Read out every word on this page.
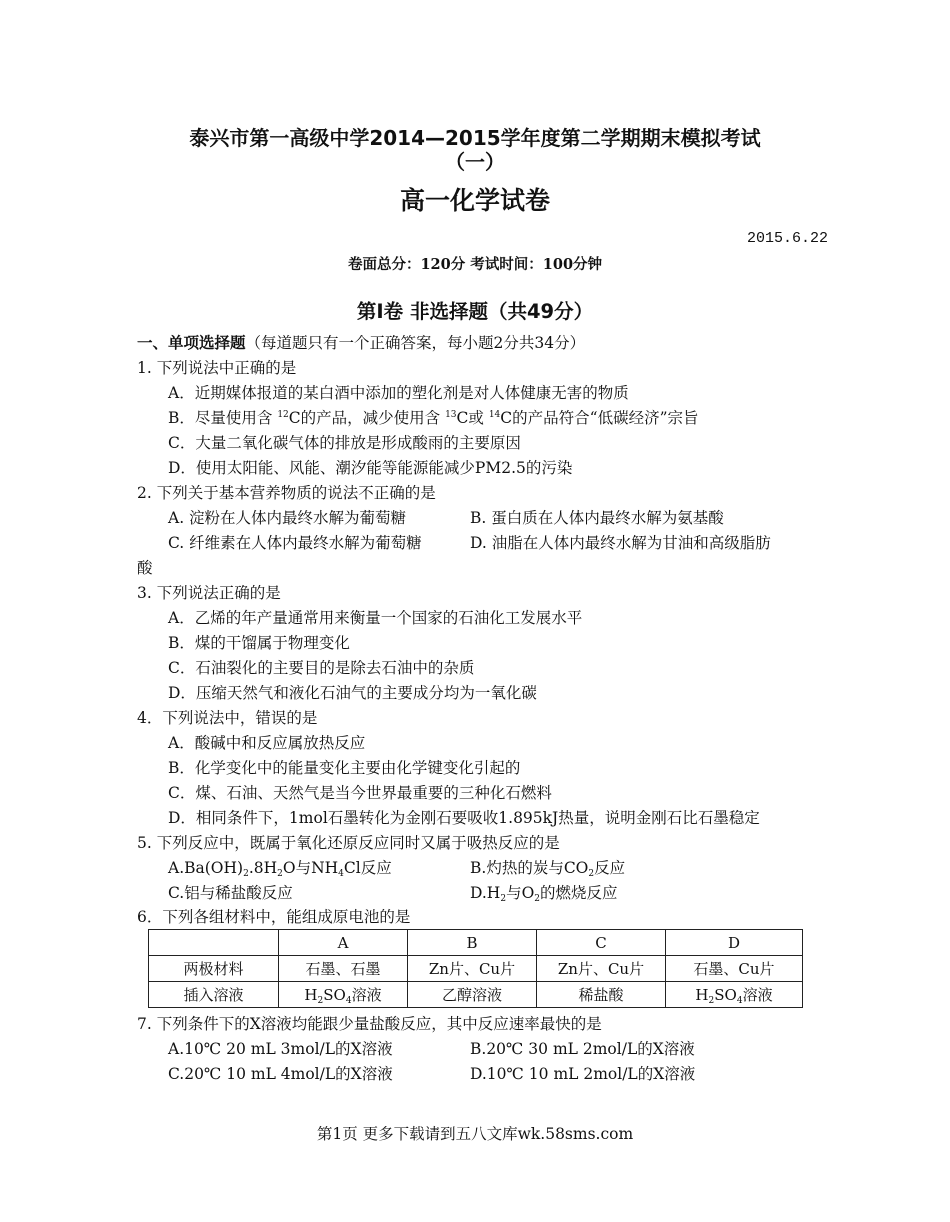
泰兴市第一高级中学2014—2015学年度第二学期期末模拟考试
（一）
高一化学试卷
2015.6.22
卷面总分：120分 考试时间：100分钟
第Ⅰ卷 非选择题（共49分）
一、单项选择题（每道题只有一个正确答案，每小题2分共34分）
1. 下列说法中正确的是
A．近期媒体报道的某白酒中添加的塑化剂是对人体健康无害的物质
B．尽量使用含 $^{12}$C的产品，减少使用含 $^{13}$C或 $^{14}$C的产品符合“低碳经济”宗旨
C．大量二氧化碳气体的排放是形成酸雨的主要原因
D．使用太阳能、风能、潮汐能等能源能减少PM2.5的污染
2. 下列关于基本营养物质的说法不正确的是
A. 淀粉在人体内最终水解为葡萄糖	B. 蛋白质在人体内最终水解为氨基酸
C. 纤维素在人体内最终水解为葡萄糖	D. 油脂在人体内最终水解为甘油和高级脂肪
酸
3. 下列说法正确的是
A．乙烯的年产量通常用来衡量一个国家的石油化工发展水平
B．煤的干馏属于物理变化
C．石油裂化的主要目的是除去石油中的杂质
D．压缩天然气和液化石油气的主要成分均为一氧化碳
4．下列说法中，错误的是
A．酸碱中和反应属放热反应
B．化学变化中的能量变化主要由化学键变化引起的
C．煤、石油、天然气是当今世界最重要的三种化石燃料
D．相同条件下，1mol石墨转化为金刚石要吸收1.895kJ热量，说明金刚石比石墨稳定
5. 下列反应中，既属于氧化还原反应同时又属于吸热反应的是
$A.Ba(OH)_2.8H_2O$与$NH_4Cl$反应	B.灼热的炭与$CO_2$反应
C.铝与稀盐酸反应	$D.H_2$与$O_2$的燃烧反应
6．下列各组材料中，能组成原电池的是
	A	B	C	D
两极材料	石墨、石墨	Zn片、Cu片	Zn片、Cu片	石墨、Cu片
插入溶液	$H_2SO_4$溶液	乙醇溶液	稀盐酸	$H_2SO_4$溶液
7. 下列条件下的X溶液均能跟少量盐酸反应，其中反应速率最快的是
A.10℃ 20 mL 3mol/L的X溶液	B.20℃ 30 mL 2mol/L的X溶液
C.20℃ 10 mL 4mol/L的X溶液	D.10℃ 10 mL 2mol/L的X溶液
第1页 更多下载请到五八文库wk.58sms.com
